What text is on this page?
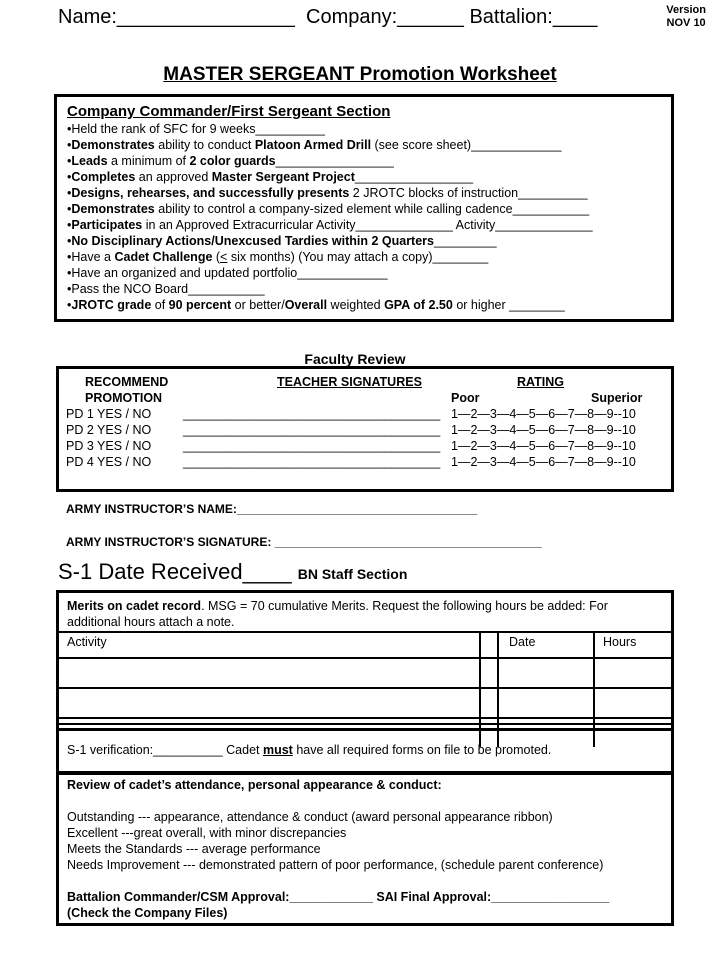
Name:________________ Company:______ Battalion:____	Version
NOV 10
MASTER SERGEANT Promotion Worksheet
Company Commander/First Sergeant Section
•Held the rank of SFC for 9 weeks__________
•Demonstrates ability to conduct Platoon Armed Drill (see score sheet)_____________
•Leads a minimum of 2 color guards_________________
•Completes an approved Master Sergeant Project_________________
•Designs, rehearses, and successfully presents 2 JROTC blocks of instruction__________
•Demonstrates ability to control a company-sized element while calling cadence___________
•Participates in an Approved Extracurricular Activity______________ Activity______________
•No Disciplinary Actions/Unexcused Tardies within 2 Quarters_________
•Have a Cadet Challenge (< six months) (You may attach a copy)________
•Have an organized and updated portfolio_____________
•Pass the NCO Board___________
•JROTC grade of 90 percent or better/Overall weighted GPA of 2.50 or higher ________
Faculty Review
RECOMMEND
PROMOTION
TEACHER SIGNATURES	RATING
Poor	Superior
PD 1 YES / NO	_____________________________________ 1—2—3—4—5—6—7—8—9--10
PD 2 YES / NO	_____________________________________ 1—2—3—4—5—6—7—8—9--10
PD 3 YES / NO	_____________________________________ 1—2—3—4—5—6—7—8—9--10
PD 4 YES / NO	_____________________________________ 1—2—3—4—5—6—7—8—9--10
ARMY INSTRUCTOR’S NAME:____________________________________
ARMY INSTRUCTOR’S SIGNATURE: ________________________________________
S-1 Date Received____ BN Staff Section
Merits on cadet record. MSG = 70 cumulative Merits. Request the following hours be added: For
additional hours attach a note.
Activity	Date	Hours
S-1 verification:__________ Cadet must have all required forms on file to be promoted.
Review of cadet’s attendance, personal appearance & conduct:
Outstanding --- appearance, attendance & conduct (award personal appearance ribbon)
Excellent ---great overall, with minor discrepancies
Meets the Standards --- average performance
Needs Improvement --- demonstrated pattern of poor performance, (schedule parent conference)
Battalion Commander/CSM Approval:____________ SAI Final Approval:_________________
(Check the Company Files)
